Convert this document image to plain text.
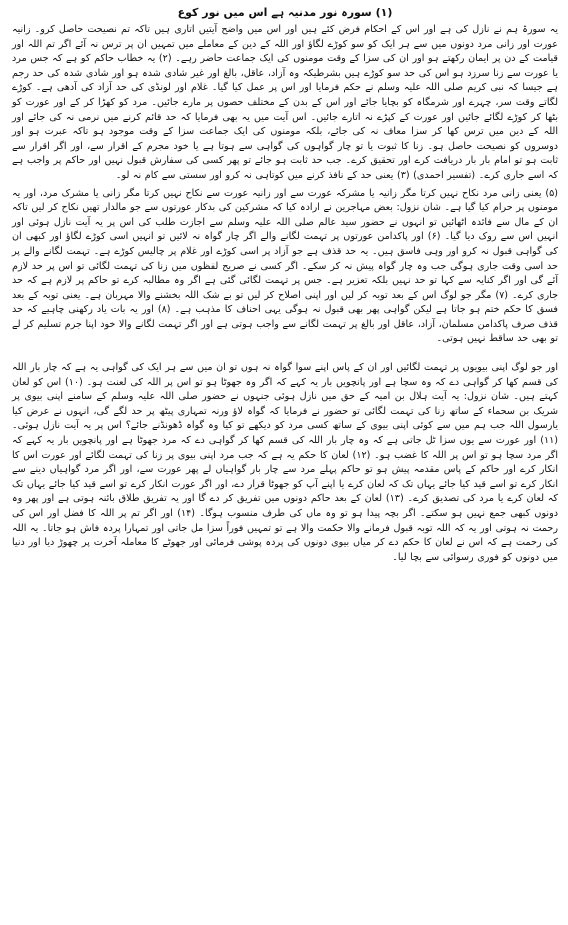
(۱) سورہ نور مدنیہ ہے اس میں نور کوع

یہ سورۃ ہم نے نازل کی ہے اور اس کے احکام فرض کئے ہیں اور اس میں واضح آیتیں اتاری ہیں تاکہ تم نصیحت حاصل کرو۔ زانیہ عورت اور زانی مرد دونوں میں سے ہر ایک کو سو کوڑے لگاؤ اور اللہ کے دین کے معاملے میں تمہیں ان پر ترس نہ آئے اگر تم اللہ اور قیامت کے دن پر ایمان رکھتے ہو اور ان کی سزا کے وقت مومنوں کی ایک جماعت حاضر رہے۔ (۲) یہ خطاب حاکم کو ہے کہ جس مرد یا عورت سے زنا سرزد ہو اس کی حد سو کوڑے ہیں بشرطیکہ وہ آزاد، عاقل، بالغ اور غیر شادی شدہ ہو اور شادی شدہ کی حد رجم ہے جیسا کہ نبی کریم صلی اللہ علیہ وسلم نے حکم فرمایا اور اس پر عمل کیا گیا۔ غلام اور لونڈی کی حد آزاد کی آدھی ہے۔ کوڑے لگاتے وقت سر، چہرے اور شرمگاہ کو بچایا جائے اور اس کے بدن کے مختلف حصوں پر مارے جائیں۔ مرد کو کھڑا کر کے اور عورت کو بٹھا کر کوڑے لگائے جائیں اور عورت کے کپڑے نہ اتارے جائیں۔ اس آیت میں یہ بھی فرمایا کہ حد قائم کرنے میں نرمی نہ کی جائے اور اللہ کے دین میں ترس کھا کر سزا معاف نہ کی جائے، بلکہ مومنوں کی ایک جماعت سزا کے وقت موجود ہو تاکہ عبرت ہو اور دوسروں کو نصیحت حاصل ہو۔ زنا کا ثبوت یا تو چار گواہوں کی گواہی سے ہوتا ہے یا خود مجرم کے اقرار سے، اور اگر اقرار سے ثابت ہو تو امام بار بار دریافت کرے اور تحقیق کرے۔ جب حد ثابت ہو جائے تو پھر کسی کی سفارش قبول نہیں اور حاکم پر واجب ہے کہ اسے جاری کرے۔ (تفسیر احمدی) (۳) یعنی حد کے نافذ کرنے میں کوتاہی نہ کرو اور سستی سے کام نہ لو۔

(۵) یعنی زانی مرد نکاح نہیں کرتا مگر زانیہ یا مشرکہ عورت سے اور زانیہ عورت سے نکاح نہیں کرتا مگر زانی یا مشرک مرد، اور یہ مومنوں پر حرام کیا گیا ہے۔ شان نزول: بعض مہاجرین نے ارادہ کیا کہ مشرکین کی بدکار عورتوں سے جو مالدار تھیں نکاح کر لیں تاکہ ان کے مال سے فائدہ اٹھائیں تو انہوں نے حضور سید عالم صلی اللہ علیہ وسلم سے اجازت طلب کی اس پر یہ آیت نازل ہوئی اور انہیں اس سے روک دیا گیا۔ (۶) اور پاکدامن عورتوں پر تہمت لگانے والے اگر چار گواہ نہ لائیں تو انہیں اسی کوڑے لگاؤ اور کبھی ان کی گواہی قبول نہ کرو اور وہی فاسق ہیں۔ یہ حد قذف ہے جو آزاد پر اسی کوڑے اور غلام پر چالیس کوڑے ہے۔ تہمت لگانے والے پر حد اسی وقت جاری ہوگی جب وہ چار گواہ پیش نہ کر سکے۔ اگر کسی نے صریح لفظوں میں زنا کی تہمت لگائی تو اس پر حد لازم آئے گی اور اگر کنایہ سے کہا تو حد نہیں بلکہ تعزیر ہے۔ جس پر تہمت لگائی گئی ہے اگر وہ مطالبہ کرے تو حاکم پر لازم ہے کہ حد جاری کرے۔ (۷) مگر جو لوگ اس کے بعد توبہ کر لیں اور اپنی اصلاح کر لیں تو بے شک اللہ بخشنے والا مہربان ہے۔ یعنی توبہ کے بعد فسق کا حکم ختم ہو جاتا ہے لیکن گواہی پھر بھی قبول نہ ہوگی یہی احناف کا مذہب ہے۔ (۸) اور یہ بات یاد رکھنی چاہیے کہ حد قذف صرف پاکدامن مسلمان، آزاد، عاقل اور بالغ پر تہمت لگانے سے واجب ہوتی ہے اور اگر تہمت لگانے والا خود اپنا جرم تسلیم کر لے تو بھی حد ساقط نہیں ہوتی۔

اور جو لوگ اپنی بیویوں پر تہمت لگائیں اور ان کے پاس اپنے سوا گواہ نہ ہوں تو ان میں سے ہر ایک کی گواہی یہ ہے کہ چار بار اللہ کی قسم کھا کر گواہی دے کہ وہ سچا ہے اور پانچویں بار یہ کہے کہ اگر وہ جھوٹا ہو تو اس پر اللہ کی لعنت ہو۔ (۱۰) اس کو لعان کہتے ہیں۔ شان نزول: یہ آیت ہلال بن امیہ کے حق میں نازل ہوئی جنہوں نے حضور صلی اللہ علیہ وسلم کے سامنے اپنی بیوی پر شریک بن سحماء کے ساتھ زنا کی تہمت لگائی تو حضور نے فرمایا کہ گواہ لاؤ ورنہ تمہاری پیٹھ پر حد لگے گی، انہوں نے عرض کیا یارسول اللہ جب ہم میں سے کوئی اپنی بیوی کے ساتھ کسی مرد کو دیکھے تو کیا وہ گواہ ڈھونڈنے جائے؟ اس پر یہ آیت نازل ہوئی۔ (۱۱) اور عورت سے یوں سزا ٹل جاتی ہے کہ وہ چار بار اللہ کی قسم کھا کر گواہی دے کہ مرد جھوٹا ہے اور پانچویں بار یہ کہے کہ اگر مرد سچا ہو تو اس پر اللہ کا غضب ہو۔ (۱۲) لعان کا حکم یہ ہے کہ جب مرد اپنی بیوی پر زنا کی تہمت لگائے اور عورت اس کا انکار کرے اور حاکم کے پاس مقدمہ پیش ہو تو حاکم پہلے مرد سے چار بار گواہیاں لے پھر عورت سے، اور اگر مرد گواہیاں دینے سے انکار کرے تو اسے قید کیا جائے یہاں تک کہ لعان کرے یا اپنے آپ کو جھوٹا قرار دے، اور اگر عورت انکار کرے تو اسے قید کیا جائے یہاں تک کہ لعان کرے یا مرد کی تصدیق کرے۔ (۱۳) لعان کے بعد حاکم دونوں میں تفریق کر دے گا اور یہ تفریق طلاق بائنہ ہوتی ہے اور پھر وہ دونوں کبھی جمع نہیں ہو سکتے۔ اگر بچہ پیدا ہو تو وہ ماں کی طرف منسوب ہوگا۔ (۱۴) اور اگر تم پر اللہ کا فضل اور اس کی رحمت نہ ہوتی اور یہ کہ اللہ توبہ قبول فرمانے والا حکمت والا ہے تو تمہیں فوراً سزا مل جاتی اور تمہارا پردہ فاش ہو جاتا۔ یہ اللہ کی رحمت ہے کہ اس نے لعان کا حکم دے کر میاں بیوی دونوں کی پردہ پوشی فرمائی اور جھوٹے کا معاملہ آخرت پر چھوڑ دیا اور دنیا میں دونوں کو فوری رسوائی سے بچا لیا۔
